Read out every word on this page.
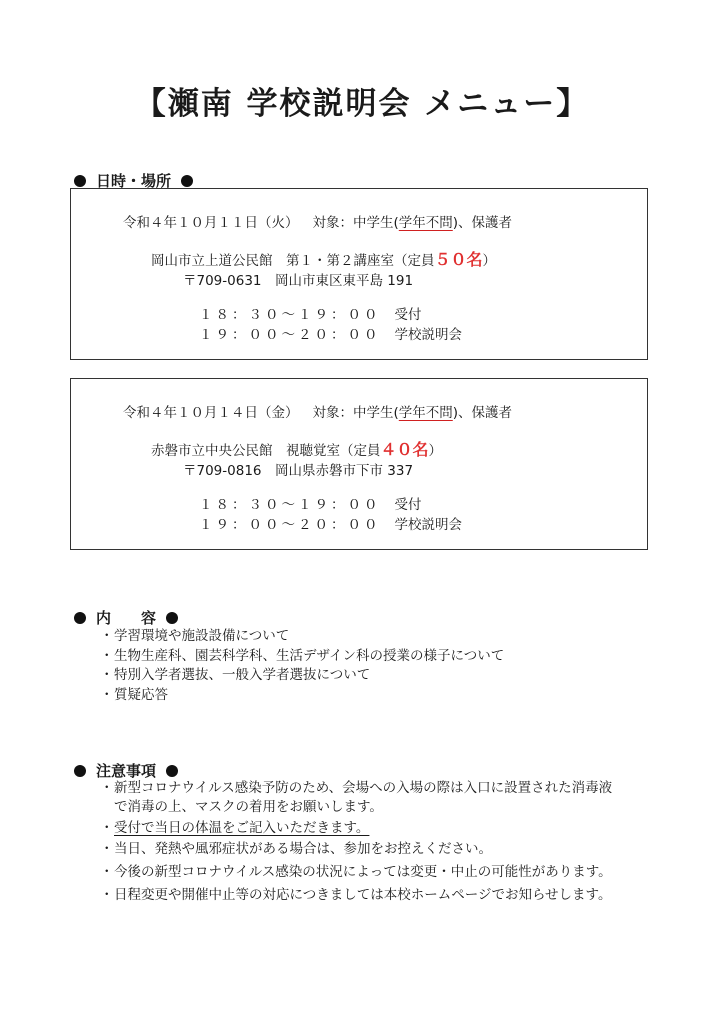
【瀬南 学校説明会 メニュー】
日時・場所
令和４年１０月１１日（火） 対象：中学生(学年不問)、保護者
岡山市立上道公民館　第１・第２講座室（定員５０名）
〒709-0631　岡山市東区東平島 191
１８：３０〜１９：００ 受付
１９：００〜２０：００ 学校説明会
令和４年１０月１４日（金） 対象：中学生(学年不問)、保護者
赤磐市立中央公民館　視聴覚室（定員４０名）
〒709-0816　岡山県赤磐市下市 337
１８：３０〜１９：００ 受付
１９：００〜２０：００ 学校説明会
内　　容
・ 学習環境や施設設備について
・ 生物生産科、園芸科学科、生活デザイン科の授業の様子について
・ 特別入学者選抜、一般入学者選抜について
・ 質疑応答
注意事項
・ 新型コロナウイルス感染予防のため、会場への入場の際は入口に設置された消毒液
で消毒の上、マスクの着用をお願いします。
・ 受付で当日の体温をご記入いただきます。
・ 当日、発熱や風邪症状がある場合は、参加をお控えください。
・ 今後の新型コロナウイルス感染の状況によっては変更・中止の可能性があります。
・ 日程変更や開催中止等の対応につきましては本校ホームページでお知らせします。
